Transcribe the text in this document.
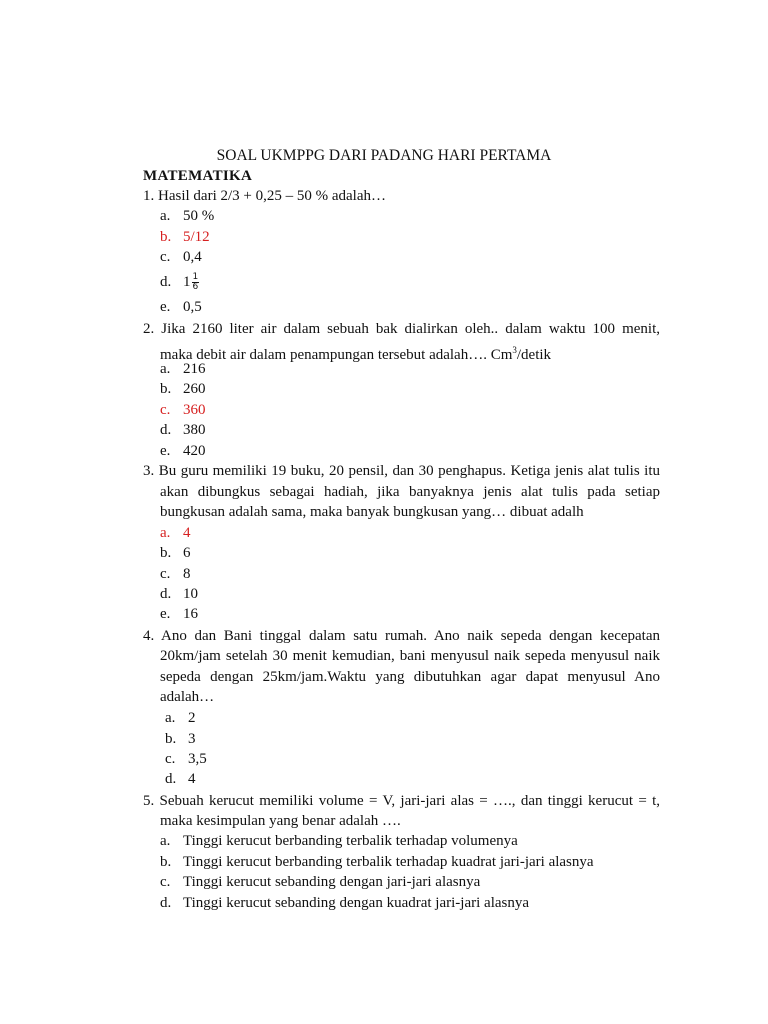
SOAL UKMPPG DARI PADANG HARI PERTAMA
MATEMATIKA
1. Hasil dari 2/3 + 0,25 – 50 % adalah…
a. 50 %
b. 5/12
c. 0,4
d. $1 \frac{1}{6}$
e. 0,5
2. Jika 2160 liter air dalam sebuah bak dialirkan oleh.. dalam waktu 100 menit,
maka debit air dalam penampungan tersebut adalah…. Cm$^3$/detik
a. 216
b. 260
c. 360
d. 380
e. 420
3. Bu guru memiliki 19 buku, 20 pensil, dan 30 penghapus. Ketiga jenis alat tulis itu
akan dibungkus sebagai hadiah, jika banyaknya jenis alat tulis pada setiap
bungkusan adalah sama, maka banyak bungkusan yang… dibuat adalh
a. 4
b. 6
c. 8
d. 10
e. 16
4. Ano dan Bani tinggal dalam satu rumah. Ano naik sepeda dengan kecepatan
20km/jam setelah 30 menit kemudian, bani menyusul naik sepeda menyusul naik
sepeda dengan 25km/jam.Waktu yang dibutuhkan agar dapat menyusul Ano
adalah…
a. 2
b. 3
c. 3,5
d. 4
5. Sebuah kerucut memiliki volume = V, jari-jari alas = …., dan tinggi kerucut = t,
maka kesimpulan yang benar adalah ….
a. Tinggi kerucut berbanding terbalik terhadap volumenya
b. Tinggi kerucut berbanding terbalik terhadap kuadrat jari-jari alasnya
c. Tinggi kerucut sebanding dengan jari-jari alasnya
d. Tinggi kerucut sebanding dengan kuadrat jari-jari alasnya
